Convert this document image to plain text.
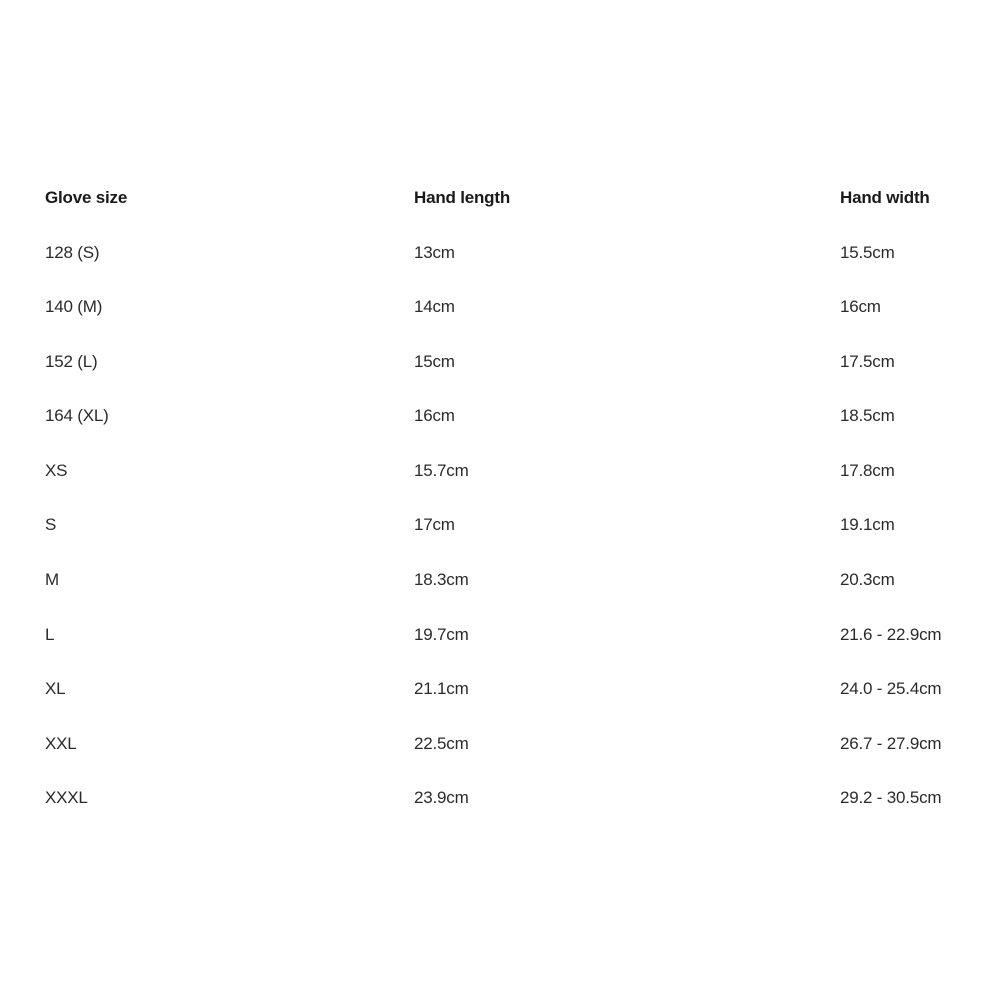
Glove size	Hand length	Hand width
128 (S)	13cm	15.5cm
140 (M)	14cm	16cm
152 (L)	15cm	17.5cm
164 (XL)	16cm	18.5cm
XS	15.7cm	17.8cm
S	17cm	19.1cm
M	18.3cm	20.3cm
L	19.7cm	21.6 - 22.9cm
XL	21.1cm	24.0 - 25.4cm
XXL	22.5cm	26.7 - 27.9cm
XXXL	23.9cm	29.2 - 30.5cm
